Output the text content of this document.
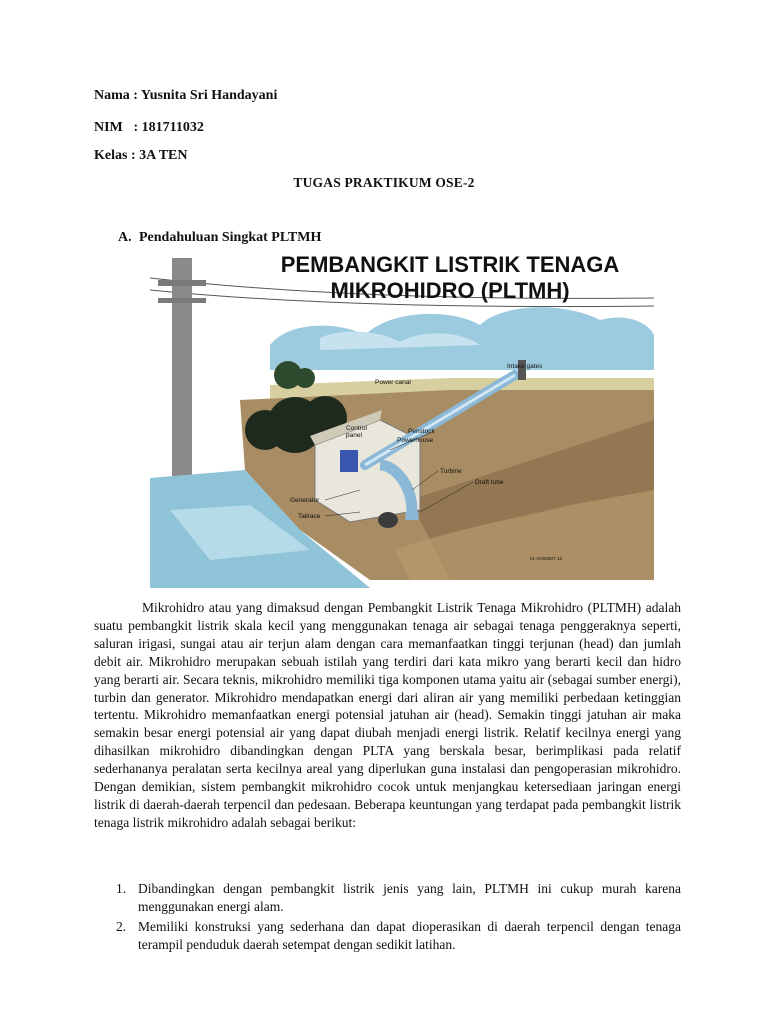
Nama : Yusnita Sri Handayani
NIM : 181711032
Kelas : 3A TEN
TUGAS PRAKTIKUM OSE-2
A. Pendahuluan Singkat PLTMH
PEMBANGKIT LISTRIK TENAGA
MIKROHIDRO (PLTMH)
Intake gates
Power canal
Penstock
Powerhouse
Control
panel
Turbine
Draft tube
Generator
Tailrace
01-GA50607-13

Mikrohidro atau yang dimaksud dengan Pembangkit Listrik Tenaga Mikrohidro (PLTMH) adalah suatu pembangkit listrik skala kecil yang menggunakan tenaga air sebagai tenaga penggeraknya seperti, saluran irigasi, sungai atau air terjun alam dengan cara memanfaatkan tinggi terjunan (head) dan jumlah debit air. Mikrohidro merupakan sebuah istilah yang terdiri dari kata mikro yang berarti kecil dan hidro yang berarti air. Secara teknis, mikrohidro memiliki tiga komponen utama yaitu air (sebagai sumber energi), turbin dan generator. Mikrohidro mendapatkan energi dari aliran air yang memiliki perbedaan ketinggian tertentu. Mikrohidro memanfaatkan energi potensial jatuhan air (head). Semakin tinggi jatuhan air maka semakin besar energi potensial air yang dapat diubah menjadi energi listrik. Relatif kecilnya energi yang dihasilkan mikrohidro dibandingkan dengan PLTA yang berskala besar, berimplikasi pada relatif sederhananya peralatan serta kecilnya areal yang diperlukan guna instalasi dan pengoperasian mikrohidro. Dengan demikian, sistem pembangkit mikrohidro cocok untuk menjangkau ketersediaan jaringan energi listrik di daerah-daerah terpencil dan pedesaan. Beberapa keuntungan yang terdapat pada pembangkit listrik tenaga listrik mikrohidro adalah sebagai berikut:

1. Dibandingkan dengan pembangkit listrik jenis yang lain, PLTMH ini cukup murah karena menggunakan energi alam.
2. Memiliki konstruksi yang sederhana dan dapat dioperasikan di daerah terpencil dengan tenaga terampil penduduk daerah setempat dengan sedikit latihan.
